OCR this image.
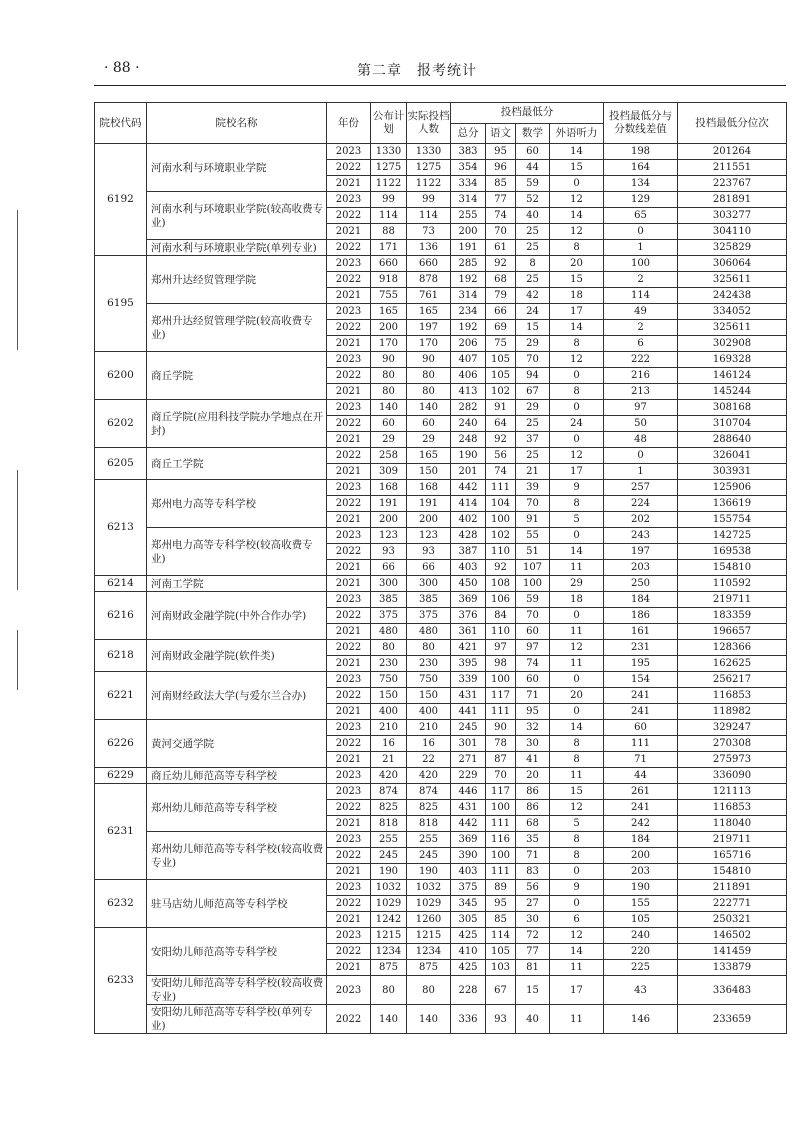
· 88 ·	第二章　报考统计
院校代码	院校名称	年份	公布计划	实际投档人数	投档最低分				投档最低分与分数线差值	投档最低分位次
					总分	语文	数学	外语听力		
6192	河南水利与环境职业学院	2023	1330	1330	383	95	60	14	198	201264
		2022	1275	1275	354	96	44	15	164	211551
		2021	1122	1122	334	85	59	0	134	223767
	河南水利与环境职业学院(较高收费专业)	2023	99	99	314	77	52	12	129	281891
		2022	114	114	255	74	40	14	65	303277
		2021	88	73	200	70	25	12	0	304110
	河南水利与环境职业学院(单列专业)	2022	171	136	191	61	25	8	1	325829
6195	郑州升达经贸管理学院	2023	660	660	285	92	8	20	100	306064
		2022	918	878	192	68	25	15	2	325611
		2021	755	761	314	79	42	18	114	242438
	郑州升达经贸管理学院(较高收费专业)	2023	165	165	234	66	24	17	49	334052
		2022	200	197	192	69	15	14	2	325611
		2021	170	170	206	75	29	8	6	302908
6200	商丘学院	2023	90	90	407	105	70	12	222	169328
		2022	80	80	406	105	94	0	216	146124
		2021	80	80	413	102	67	8	213	145244
6202	商丘学院(应用科技学院办学地点在开封)	2023	140	140	282	91	29	0	97	308168
		2022	60	60	240	64	25	24	50	310704
		2021	29	29	248	92	37	0	48	288640
6205	商丘工学院	2022	258	165	190	56	25	12	0	326041
		2021	309	150	201	74	21	17	1	303931
6213	郑州电力高等专科学校	2023	168	168	442	111	39	9	257	125906
		2022	191	191	414	104	70	8	224	136619
		2021	200	200	402	100	91	5	202	155754
	郑州电力高等专科学校(较高收费专业)	2023	123	123	428	102	55	0	243	142725
		2022	93	93	387	110	51	14	197	169538
		2021	66	66	403	92	107	11	203	154810
6214	河南工学院	2021	300	300	450	108	100	29	250	110592
6216	河南财政金融学院(中外合作办学)	2023	385	385	369	106	59	18	184	219711
		2022	375	375	376	84	70	0	186	183359
		2021	480	480	361	110	60	11	161	196657
6218	河南财政金融学院(软件类)	2022	80	80	421	97	97	12	231	128366
		2021	230	230	395	98	74	11	195	162625
6221	河南财经政法大学(与爱尔兰合办)	2023	750	750	339	100	60	0	154	256217
		2022	150	150	431	117	71	20	241	116853
		2021	400	400	441	111	95	0	241	118982
6226	黄河交通学院	2023	210	210	245	90	32	14	60	329247
		2022	16	16	301	78	30	8	111	270308
		2021	21	22	271	87	41	8	71	275973
6229	商丘幼儿师范高等专科学校	2023	420	420	229	70	20	11	44	336090
6231	郑州幼儿师范高等专科学校	2023	874	874	446	117	86	15	261	121113
		2022	825	825	431	100	86	12	241	116853
		2021	818	818	442	111	68	5	242	118040
	郑州幼儿师范高等专科学校(较高收费专业)	2023	255	255	369	116	35	8	184	219711
		2022	245	245	390	100	71	8	200	165716
		2021	190	190	403	111	83	0	203	154810
6232	驻马店幼儿师范高等专科学校	2023	1032	1032	375	89	56	9	190	211891
		2022	1029	1029	345	95	27	0	155	222771
		2021	1242	1260	305	85	30	6	105	250321
6233	安阳幼儿师范高等专科学校	2023	1215	1215	425	114	72	12	240	146502
		2022	1234	1234	410	105	77	14	220	141459
		2021	875	875	425	103	81	11	225	133879
	安阳幼儿师范高等专科学校(较高收费专业)	2023	80	80	228	67	15	17	43	336483
	安阳幼儿师范高等专科学校(单列专业)	2022	140	140	336	93	40	11	146	233659
